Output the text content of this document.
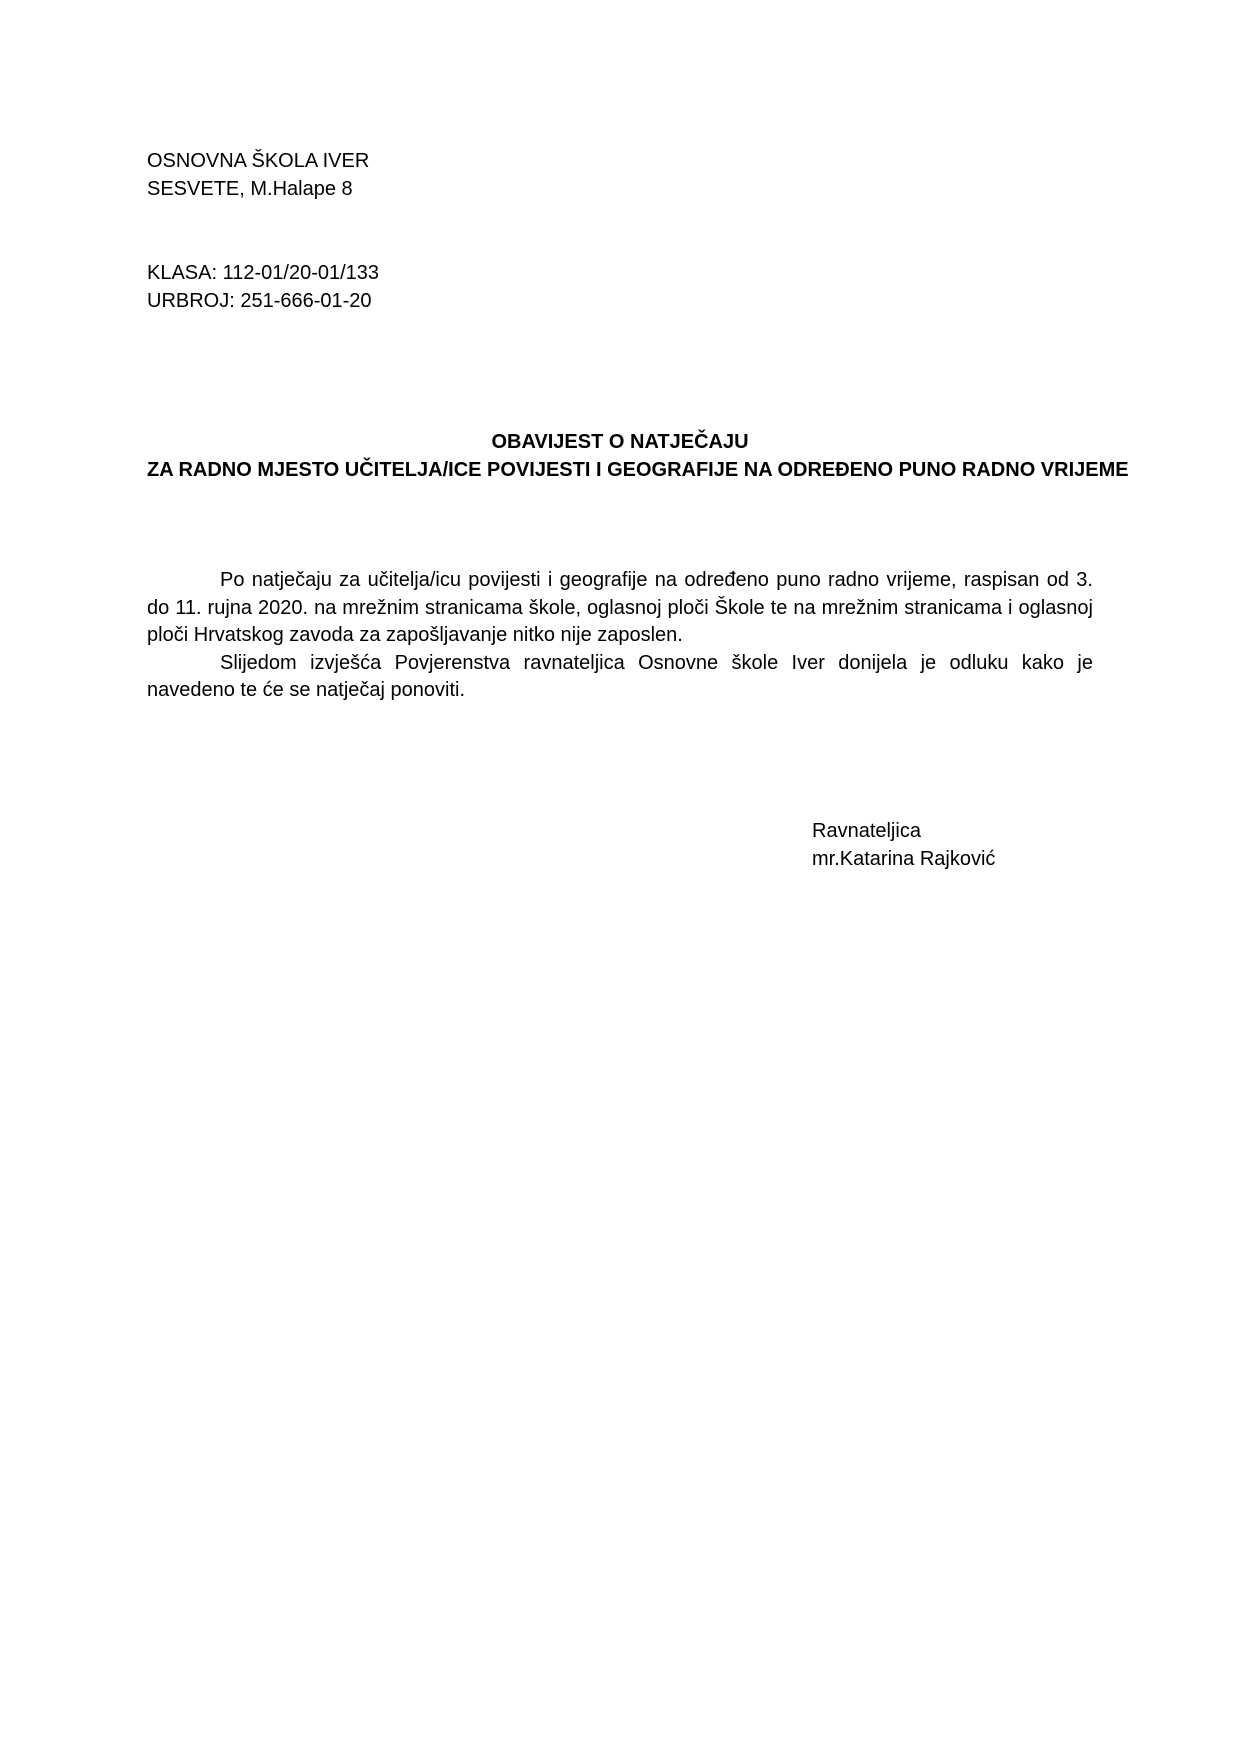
OSNOVNA ŠKOLA IVER
SESVETE, M.Halape 8
KLASA: 112-01/20-01/133
URBROJ: 251-666-01-20
OBAVIJEST O NATJEČAJU
ZA RADNO MJESTO UČITELJA/ICE POVIJESTI I GEOGRAFIJE NA ODREĐENO PUNO RADNO VRIJEME

Po natječaju za učitelja/icu povijesti i geografije na određeno puno radno vrijeme, raspisan od 3. do 11. rujna 2020. na mrežnim stranicama škole, oglasnoj ploči Škole te na mrežnim stranicama i oglasnoj ploči Hrvatskog zavoda za zapošljavanje nitko nije zaposlen.

Slijedom izvješća Povjerenstva ravnateljica Osnovne škole Iver donijela je odluku kako je navedeno te će se natječaj ponoviti.

Ravnateljica
mr.Katarina Rajković
